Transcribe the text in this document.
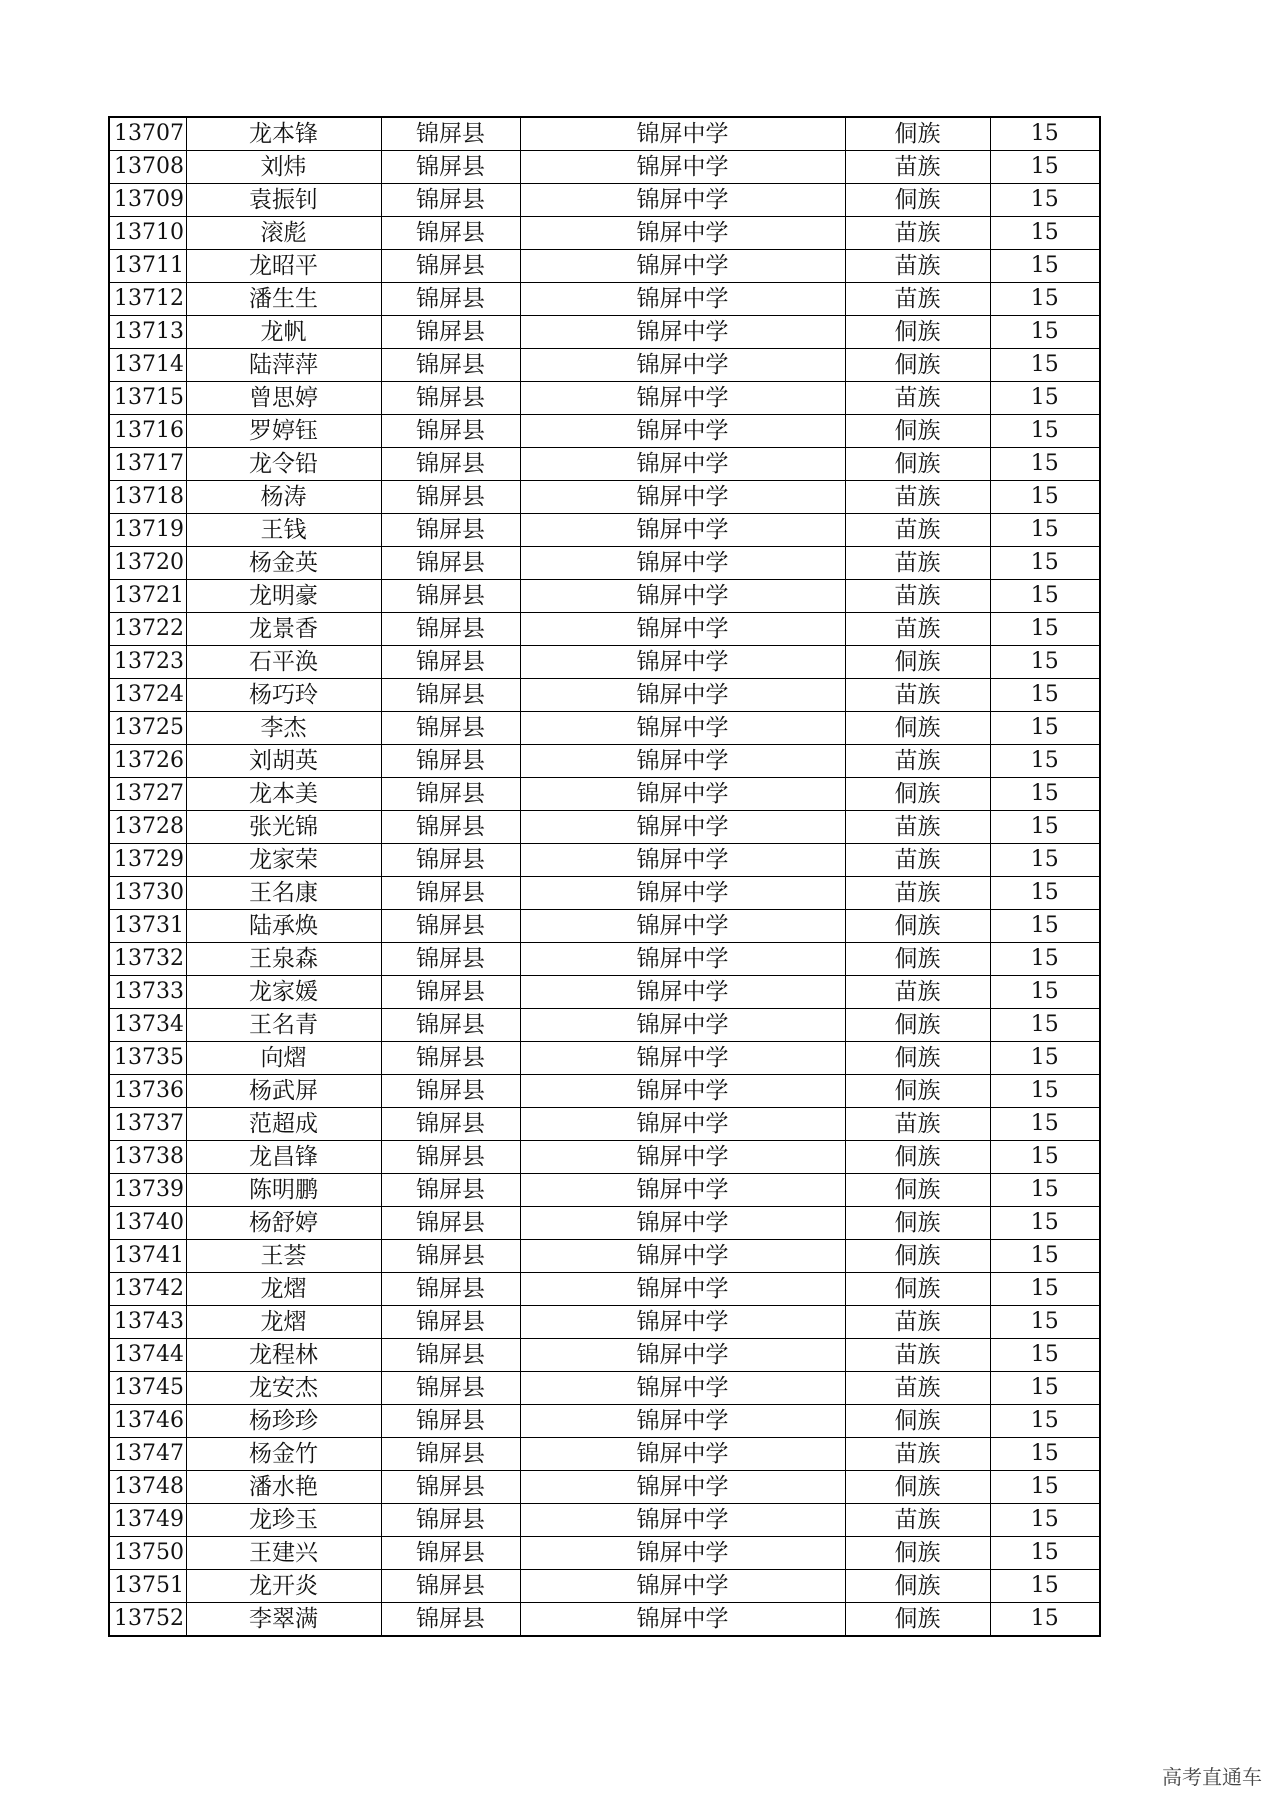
13707	龙本锋	锦屏县	锦屏中学	侗族	15
13708	刘炜	锦屏县	锦屏中学	苗族	15
13709	袁振钊	锦屏县	锦屏中学	侗族	15
13710	滚彪	锦屏县	锦屏中学	苗族	15
13711	龙昭平	锦屏县	锦屏中学	苗族	15
13712	潘生生	锦屏县	锦屏中学	苗族	15
13713	龙帆	锦屏县	锦屏中学	侗族	15
13714	陆萍萍	锦屏县	锦屏中学	侗族	15
13715	曾思婷	锦屏县	锦屏中学	苗族	15
13716	罗婷钰	锦屏县	锦屏中学	侗族	15
13717	龙令铅	锦屏县	锦屏中学	侗族	15
13718	杨涛	锦屏县	锦屏中学	苗族	15
13719	王钱	锦屏县	锦屏中学	苗族	15
13720	杨金英	锦屏县	锦屏中学	苗族	15
13721	龙明豪	锦屏县	锦屏中学	苗族	15
13722	龙景香	锦屏县	锦屏中学	苗族	15
13723	石平涣	锦屏县	锦屏中学	侗族	15
13724	杨巧玲	锦屏县	锦屏中学	苗族	15
13725	李杰	锦屏县	锦屏中学	侗族	15
13726	刘胡英	锦屏县	锦屏中学	苗族	15
13727	龙本美	锦屏县	锦屏中学	侗族	15
13728	张光锦	锦屏县	锦屏中学	苗族	15
13729	龙家荣	锦屏县	锦屏中学	苗族	15
13730	王名康	锦屏县	锦屏中学	苗族	15
13731	陆承焕	锦屏县	锦屏中学	侗族	15
13732	王泉森	锦屏县	锦屏中学	侗族	15
13733	龙家媛	锦屏县	锦屏中学	苗族	15
13734	王名青	锦屏县	锦屏中学	侗族	15
13735	向熠	锦屏县	锦屏中学	侗族	15
13736	杨武屏	锦屏县	锦屏中学	侗族	15
13737	范超成	锦屏县	锦屏中学	苗族	15
13738	龙昌锋	锦屏县	锦屏中学	侗族	15
13739	陈明鹏	锦屏县	锦屏中学	侗族	15
13740	杨舒婷	锦屏县	锦屏中学	侗族	15
13741	王荟	锦屏县	锦屏中学	侗族	15
13742	龙熠	锦屏县	锦屏中学	侗族	15
13743	龙熠	锦屏县	锦屏中学	苗族	15
13744	龙程林	锦屏县	锦屏中学	苗族	15
13745	龙安杰	锦屏县	锦屏中学	苗族	15
13746	杨珍珍	锦屏县	锦屏中学	侗族	15
13747	杨金竹	锦屏县	锦屏中学	苗族	15
13748	潘水艳	锦屏县	锦屏中学	侗族	15
13749	龙珍玉	锦屏县	锦屏中学	苗族	15
13750	王建兴	锦屏县	锦屏中学	侗族	15
13751	龙开炎	锦屏县	锦屏中学	侗族	15
13752	李翠满	锦屏县	锦屏中学	侗族	15
高考直通车
